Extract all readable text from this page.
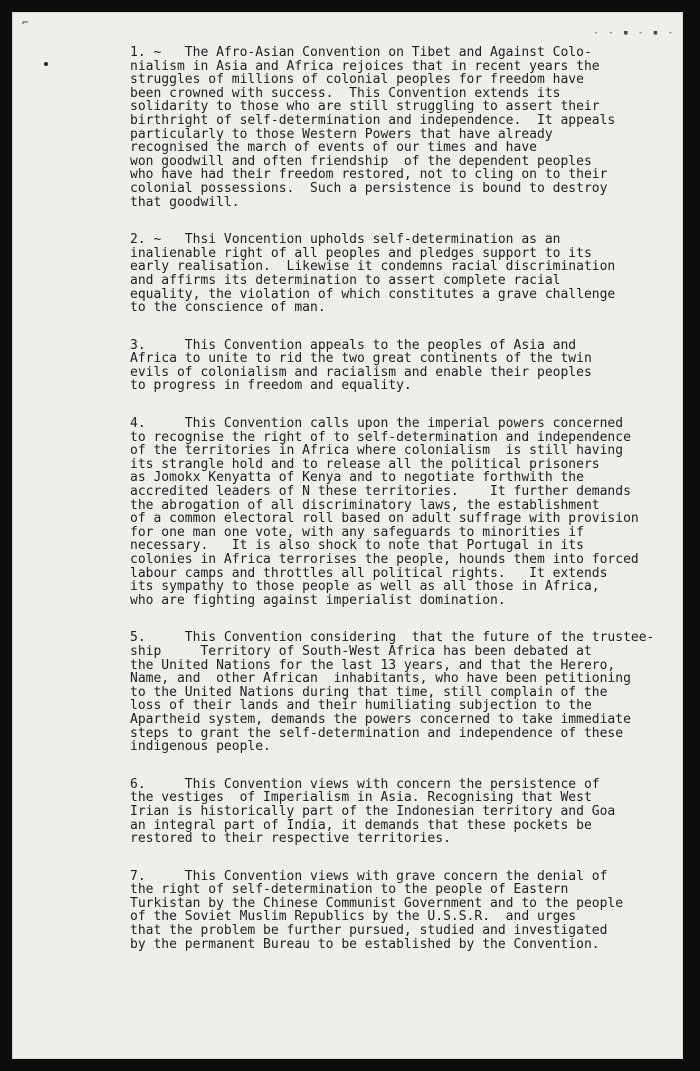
⌐
- - ▪ - ▪ -
1. ~   The Afro-Asian Convention on Tibet and Against Colo-
nialism in Asia and Africa rejoices that in recent years the
struggles of millions of colonial peoples for freedom have
been crowned with success.  This Convention extends its
solidarity to those who are still struggling to assert their
birthright of self-determination and independence.  It appeals
particularly to those Western Powers that have already
recognised the march of events of our times and have
won goodwill and often friendship  of the dependent peoples
who have had their freedom restored, not to cling on to their
colonial possessions.  Such a persistence is bound to destroy
that goodwill.
2. ~   Thsi Voncention upholds self-determination as an
inalienable right of all peoples and pledges support to its
early realisation.  Likewise it condemns racial discrimination
and affirms its determination to assert complete racial
equality, the violation of which constitutes a grave challenge
to the conscience of man.
3.     This Convention appeals to the peoples of Asia and
Africa to unite to rid the two great continents of the twin
evils of colonialism and racialism and enable their peoples
to progress in freedom and equality.
4.     This Convention calls upon the imperial powers concerned
to recognise the right of to self-determination and independence
of the territories in Africa where colonialism  is still having
its strangle hold and to release all the political prisoners
as Jomokx Kenyatta of Kenya and to negotiate forthwith the
accredited leaders of N these territories.    It further demands
the abrogation of all discriminatory laws, the establishment
of a common electoral roll based on adult suffrage with provision
for one man one vote, with any safeguards to minorities if
necessary.   It is also shock to note that Portugal in its
colonies in Africa terrorises the people, hounds them into forced
labour camps and throttles all political rights.   It extends
its sympathy to those people as well as all those in Africa,
who are fighting against imperialist domination.
5.     This Convention considering  that the future of the trustee-
ship     Territory of South-West Africa has been debated at
the United Nations for the last 13 years, and that the Herero,
Name, and  other African  inhabitants, who have been petitioning
to the United Nations during that time, still complain of the
loss of their lands and their humiliating subjection to the
Apartheid system, demands the powers concerned to take immediate
steps to grant the self-determination and independence of these
indigenous people.
6.     This Convention views with concern the persistence of
the vestiges  of Imperialism in Asia. Recognising that West
Irian is historically part of the Indonesian territory and Goa
an integral part of India, it demands that these pockets be
restored to their respective territories.
7.     This Convention views with grave concern the denial of
the right of self-determination to the people of Eastern
Turkistan by the Chinese Communist Government and to the people
of the Soviet Muslim Republics by the U.S.S.R.  and urges
that the problem be further pursued, studied and investigated
by the permanent Bureau to be established by the Convention.
